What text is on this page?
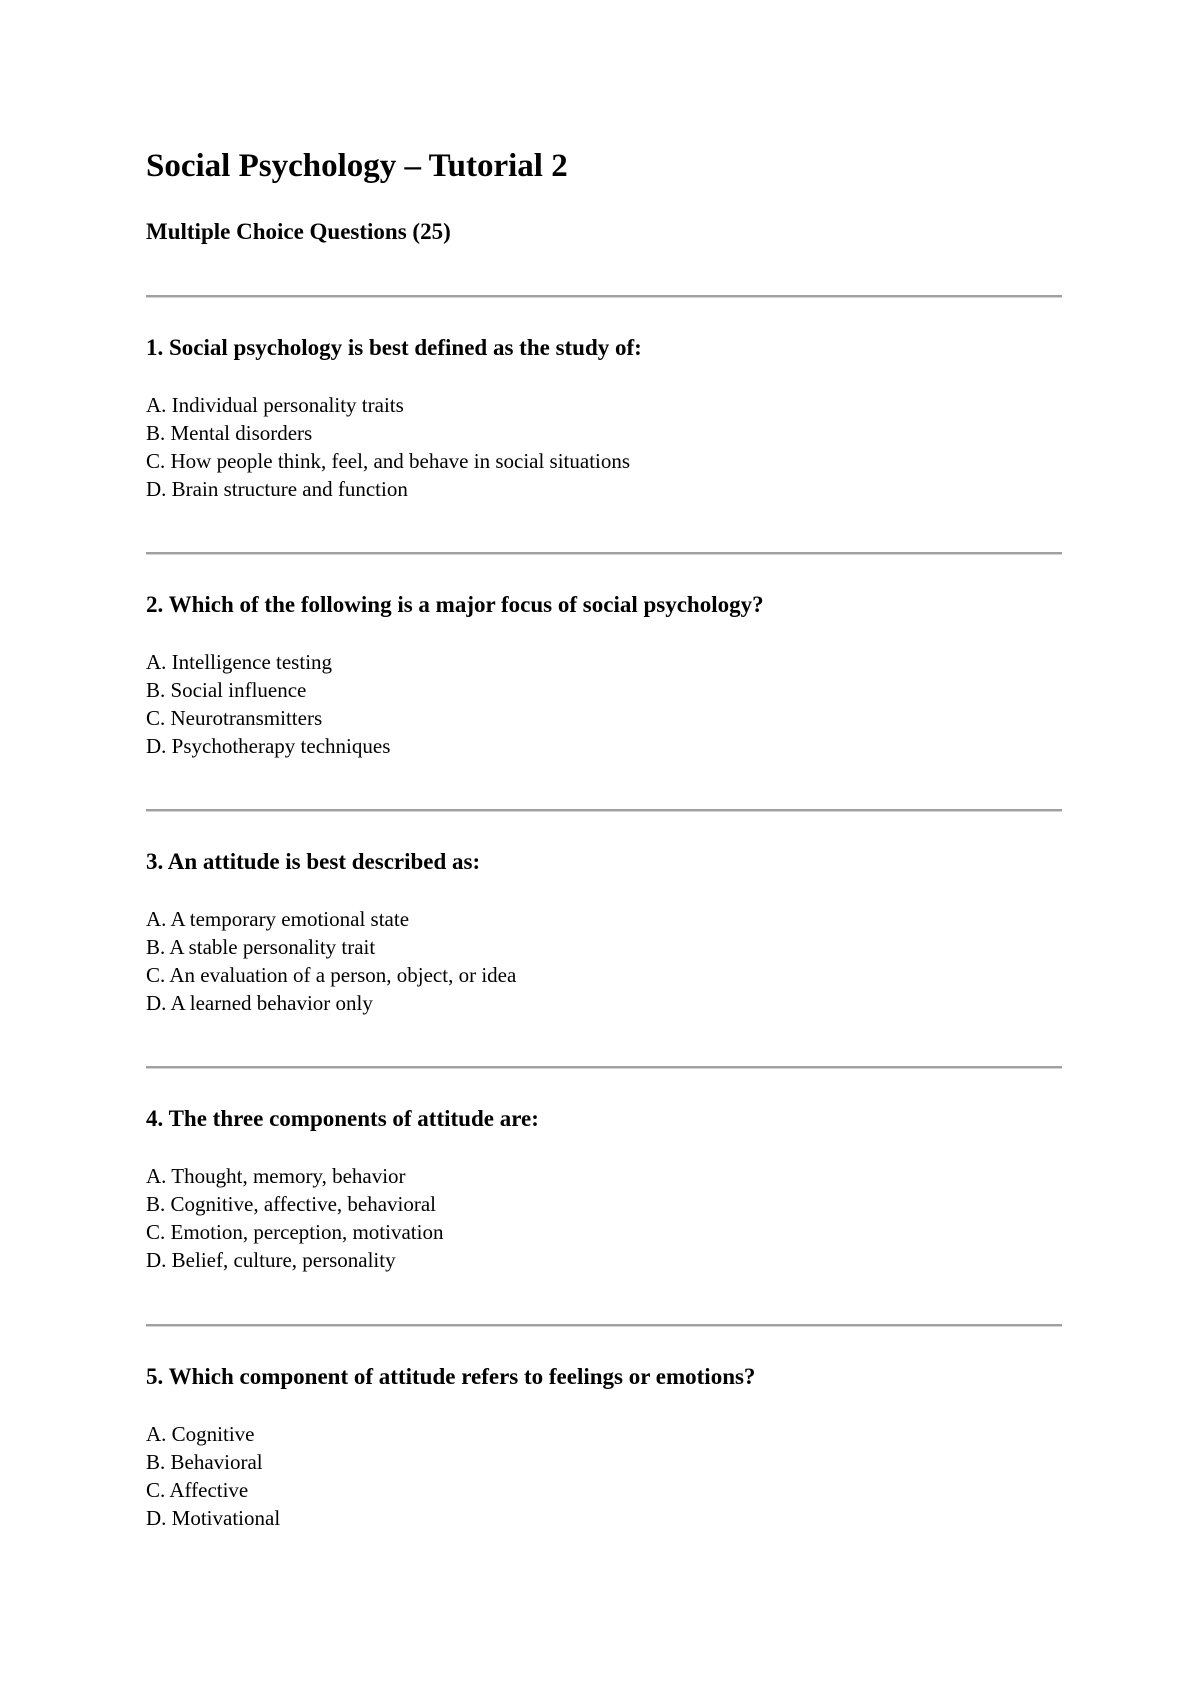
Social Psychology – Tutorial 2
Multiple Choice Questions (25)

1. Social psychology is best defined as the study of:

A. Individual personality traits
B. Mental disorders
C. How people think, feel, and behave in social situations
D. Brain structure and function

2. Which of the following is a major focus of social psychology?

A. Intelligence testing
B. Social influence
C. Neurotransmitters
D. Psychotherapy techniques

3. An attitude is best described as:

A. A temporary emotional state
B. A stable personality trait
C. An evaluation of a person, object, or idea
D. A learned behavior only

4. The three components of attitude are:

A. Thought, memory, behavior
B. Cognitive, affective, behavioral
C. Emotion, perception, motivation
D. Belief, culture, personality

5. Which component of attitude refers to feelings or emotions?

A. Cognitive
B. Behavioral
C. Affective
D. Motivational
